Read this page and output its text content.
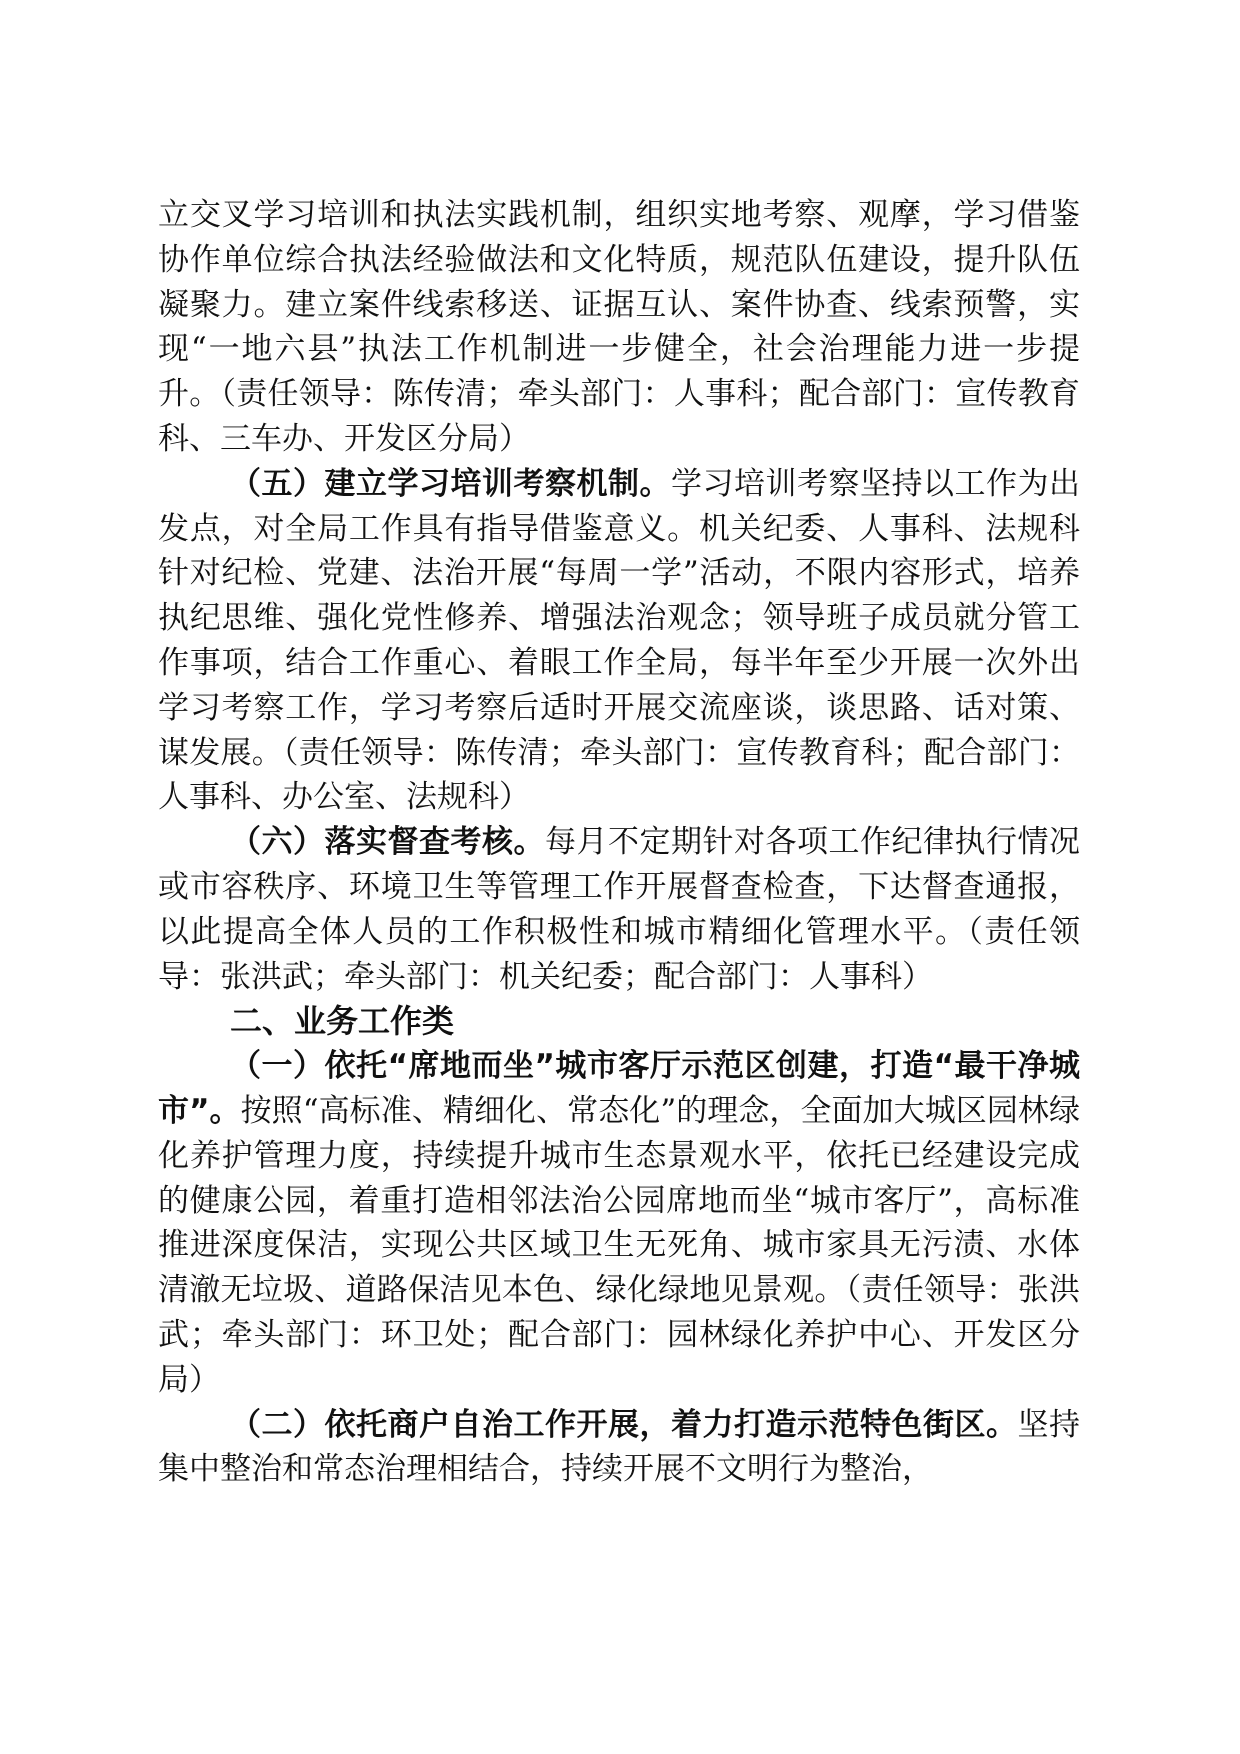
立交叉学习培训和执法实践机制，组织实地考察、观摩，学习借鉴协作单位综合执法经验做法和文化特质，规范队伍建设，提升队伍凝聚力。建立案件线索移送、证据互认、案件协查、线索预警，实现“一地六县”执法工作机制进一步健全，社会治理能力进一步提升。（责任领导：陈传清；牵头部门：人事科；配合部门：宣传教育科、三车办、开发区分局）

（五）建立学习培训考察机制。学习培训考察坚持以工作为出发点，对全局工作具有指导借鉴意义。机关纪委、人事科、法规科针对纪检、党建、法治开展“每周一学”活动，不限内容形式，培养执纪思维、强化党性修养、增强法治观念；领导班子成员就分管工作事项，结合工作重心、着眼工作全局，每半年至少开展一次外出学习考察工作，学习考察后适时开展交流座谈，谈思路、话对策、谋发展。（责任领导：陈传清；牵头部门：宣传教育科；配合部门：人事科、办公室、法规科）

（六）落实督查考核。每月不定期针对各项工作纪律执行情况或市容秩序、环境卫生等管理工作开展督查检查，下达督查通报，以此提高全体人员的工作积极性和城市精细化管理水平。（责任领导：张洪武；牵头部门：机关纪委；配合部门：人事科）

二、业务工作类

（一）依托“席地而坐”城市客厅示范区创建，打造“最干净城市”。按照“高标准、精细化、常态化”的理念，全面加大城区园林绿化养护管理力度，持续提升城市生态景观水平，依托已经建设完成的健康公园，着重打造相邻法治公园席地而坐“城市客厅”，高标准推进深度保洁，实现公共区域卫生无死角、城市家具无污渍、水体清澈无垃圾、道路保洁见本色、绿化绿地见景观。（责任领导：张洪武；牵头部门：环卫处；配合部门：园林绿化养护中心、开发区分局）

（二）依托商户自治工作开展，着力打造示范特色街区。坚持集中整治和常态治理相结合，持续开展不文明行为整治，
